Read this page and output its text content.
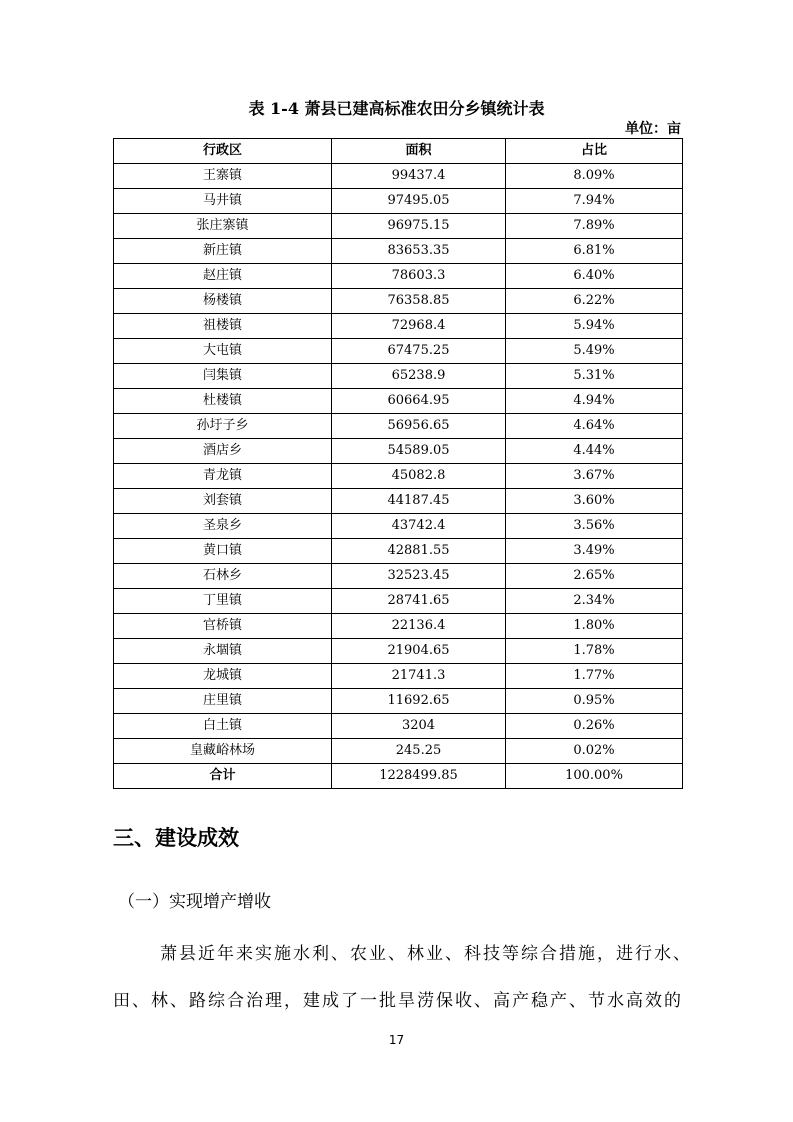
表 1-4 萧县已建高标准农田分乡镇统计表
单位：亩
行政区	面积	占比
王寨镇	99437.4	8.09%
马井镇	97495.05	7.94%
张庄寨镇	96975.15	7.89%
新庄镇	83653.35	6.81%
赵庄镇	78603.3	6.40%
杨楼镇	76358.85	6.22%
祖楼镇	72968.4	5.94%
大屯镇	67475.25	5.49%
闫集镇	65238.9	5.31%
杜楼镇	60664.95	4.94%
孙圩子乡	56956.65	4.64%
酒店乡	54589.05	4.44%
青龙镇	45082.8	3.67%
刘套镇	44187.45	3.60%
圣泉乡	43742.4	3.56%
黄口镇	42881.55	3.49%
石林乡	32523.45	2.65%
丁里镇	28741.65	2.34%
官桥镇	22136.4	1.80%
永堌镇	21904.65	1.78%
龙城镇	21741.3	1.77%
庄里镇	11692.65	0.95%
白土镇	3204	0.26%
皇藏峪林场	245.25	0.02%
合计	1228499.85	100.00%
三、建设成效
（一）实现增产增收
萧县近年来实施水利、农业、林业、科技等综合措施，进行水、
田、林、路综合治理，建成了一批旱涝保收、高产稳产、节水高效的
17
